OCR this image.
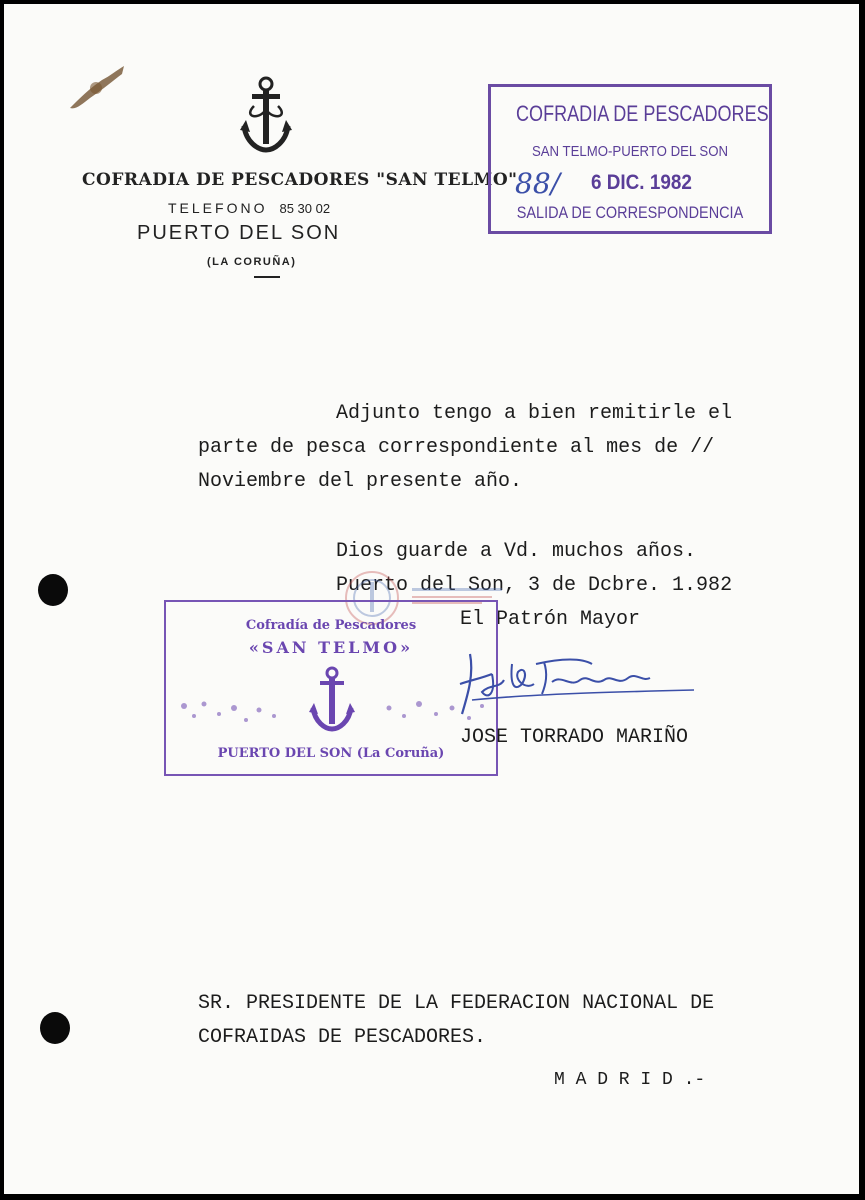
COFRADIA DE PESCADORES "SAN TELMO"
TELEFONO 85 30 02
PUERTO DEL SON
(LA CORUÑA)
COFRADIA DE PESCADORES
SAN TELMO-PUERTO DEL SON
88/ 6 DIC. 1982
SALIDA DE CORRESPONDENCIA
Adjunto tengo a bien remitirle el
parte de pesca correspondiente al mes de //
Noviembre del presente año.
Dios guarde a Vd. muchos años.
Puerto del Son, 3 de Dcbre. 1.982
El Patrón Mayor
Cofradía de Pescadores
«SAN TELMO»
PUERTO DEL SON (La Coruña)
JOSE TORRADO MARIÑO
SR. PRESIDENTE DE LA FEDERACION NACIONAL DE
COFRAIDAS DE PESCADORES.
M A D R I D .-
